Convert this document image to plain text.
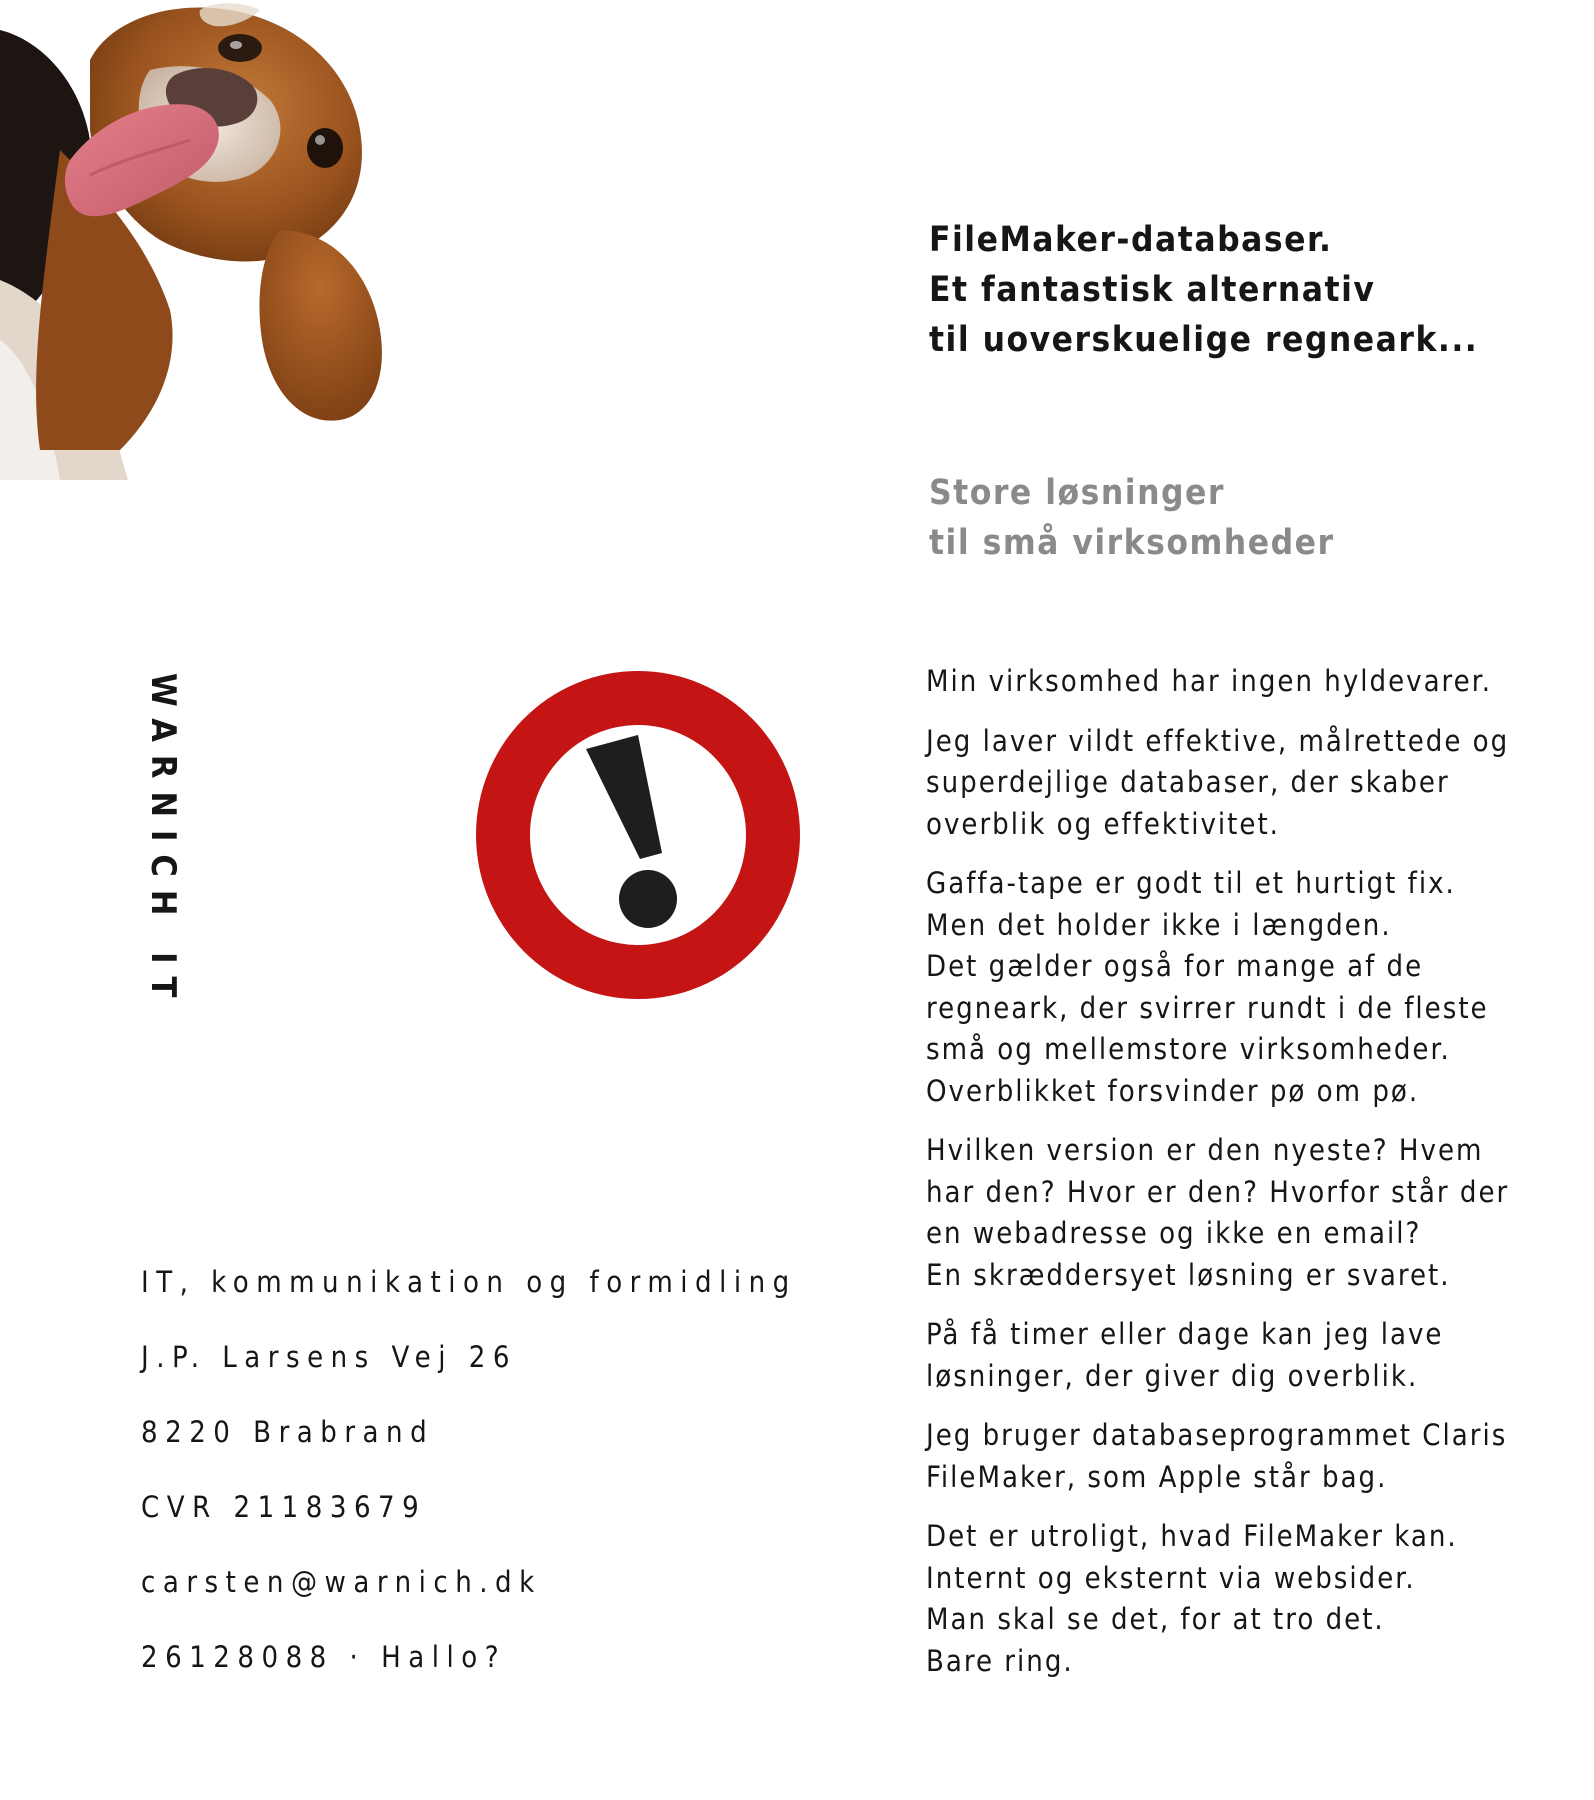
FileMaker-databaser.
Et fantastisk alternativ
til uoverskuelige regneark...
Store løsninger
til små virksomheder
WARNICH IT	Min virksomhed har ingen hyldevarer.

Jeg laver vildt effektive, målrettede og
superdejlige databaser, der skaber
overblik og effektivitet.

Gaffa-tape er godt til et hurtigt fix.
Men det holder ikke i længden.
Det gælder også for mange af de
regneark, der svirrer rundt i de fleste
små og mellemstore virksomheder.
Overblikket forsvinder pø om pø.

Hvilken version er den nyeste? Hvem
har den? Hvor er den? Hvorfor står der
en webadresse og ikke en email?
En skræddersyet løsning er svaret.

På få timer eller dage kan jeg lave
løsninger, der giver dig overblik.

Jeg bruger databaseprogrammet Claris
FileMaker, som Apple står bag.

Det er utroligt, hvad FileMaker kan.
Internt og eksternt via websider.
Man skal se det, for at tro det.
Bare ring.

IT, kommunikation og formidling
J.P. Larsens Vej 26
8220 Brabrand
CVR 21183679
carsten@warnich.dk
26128088 · Hallo?
